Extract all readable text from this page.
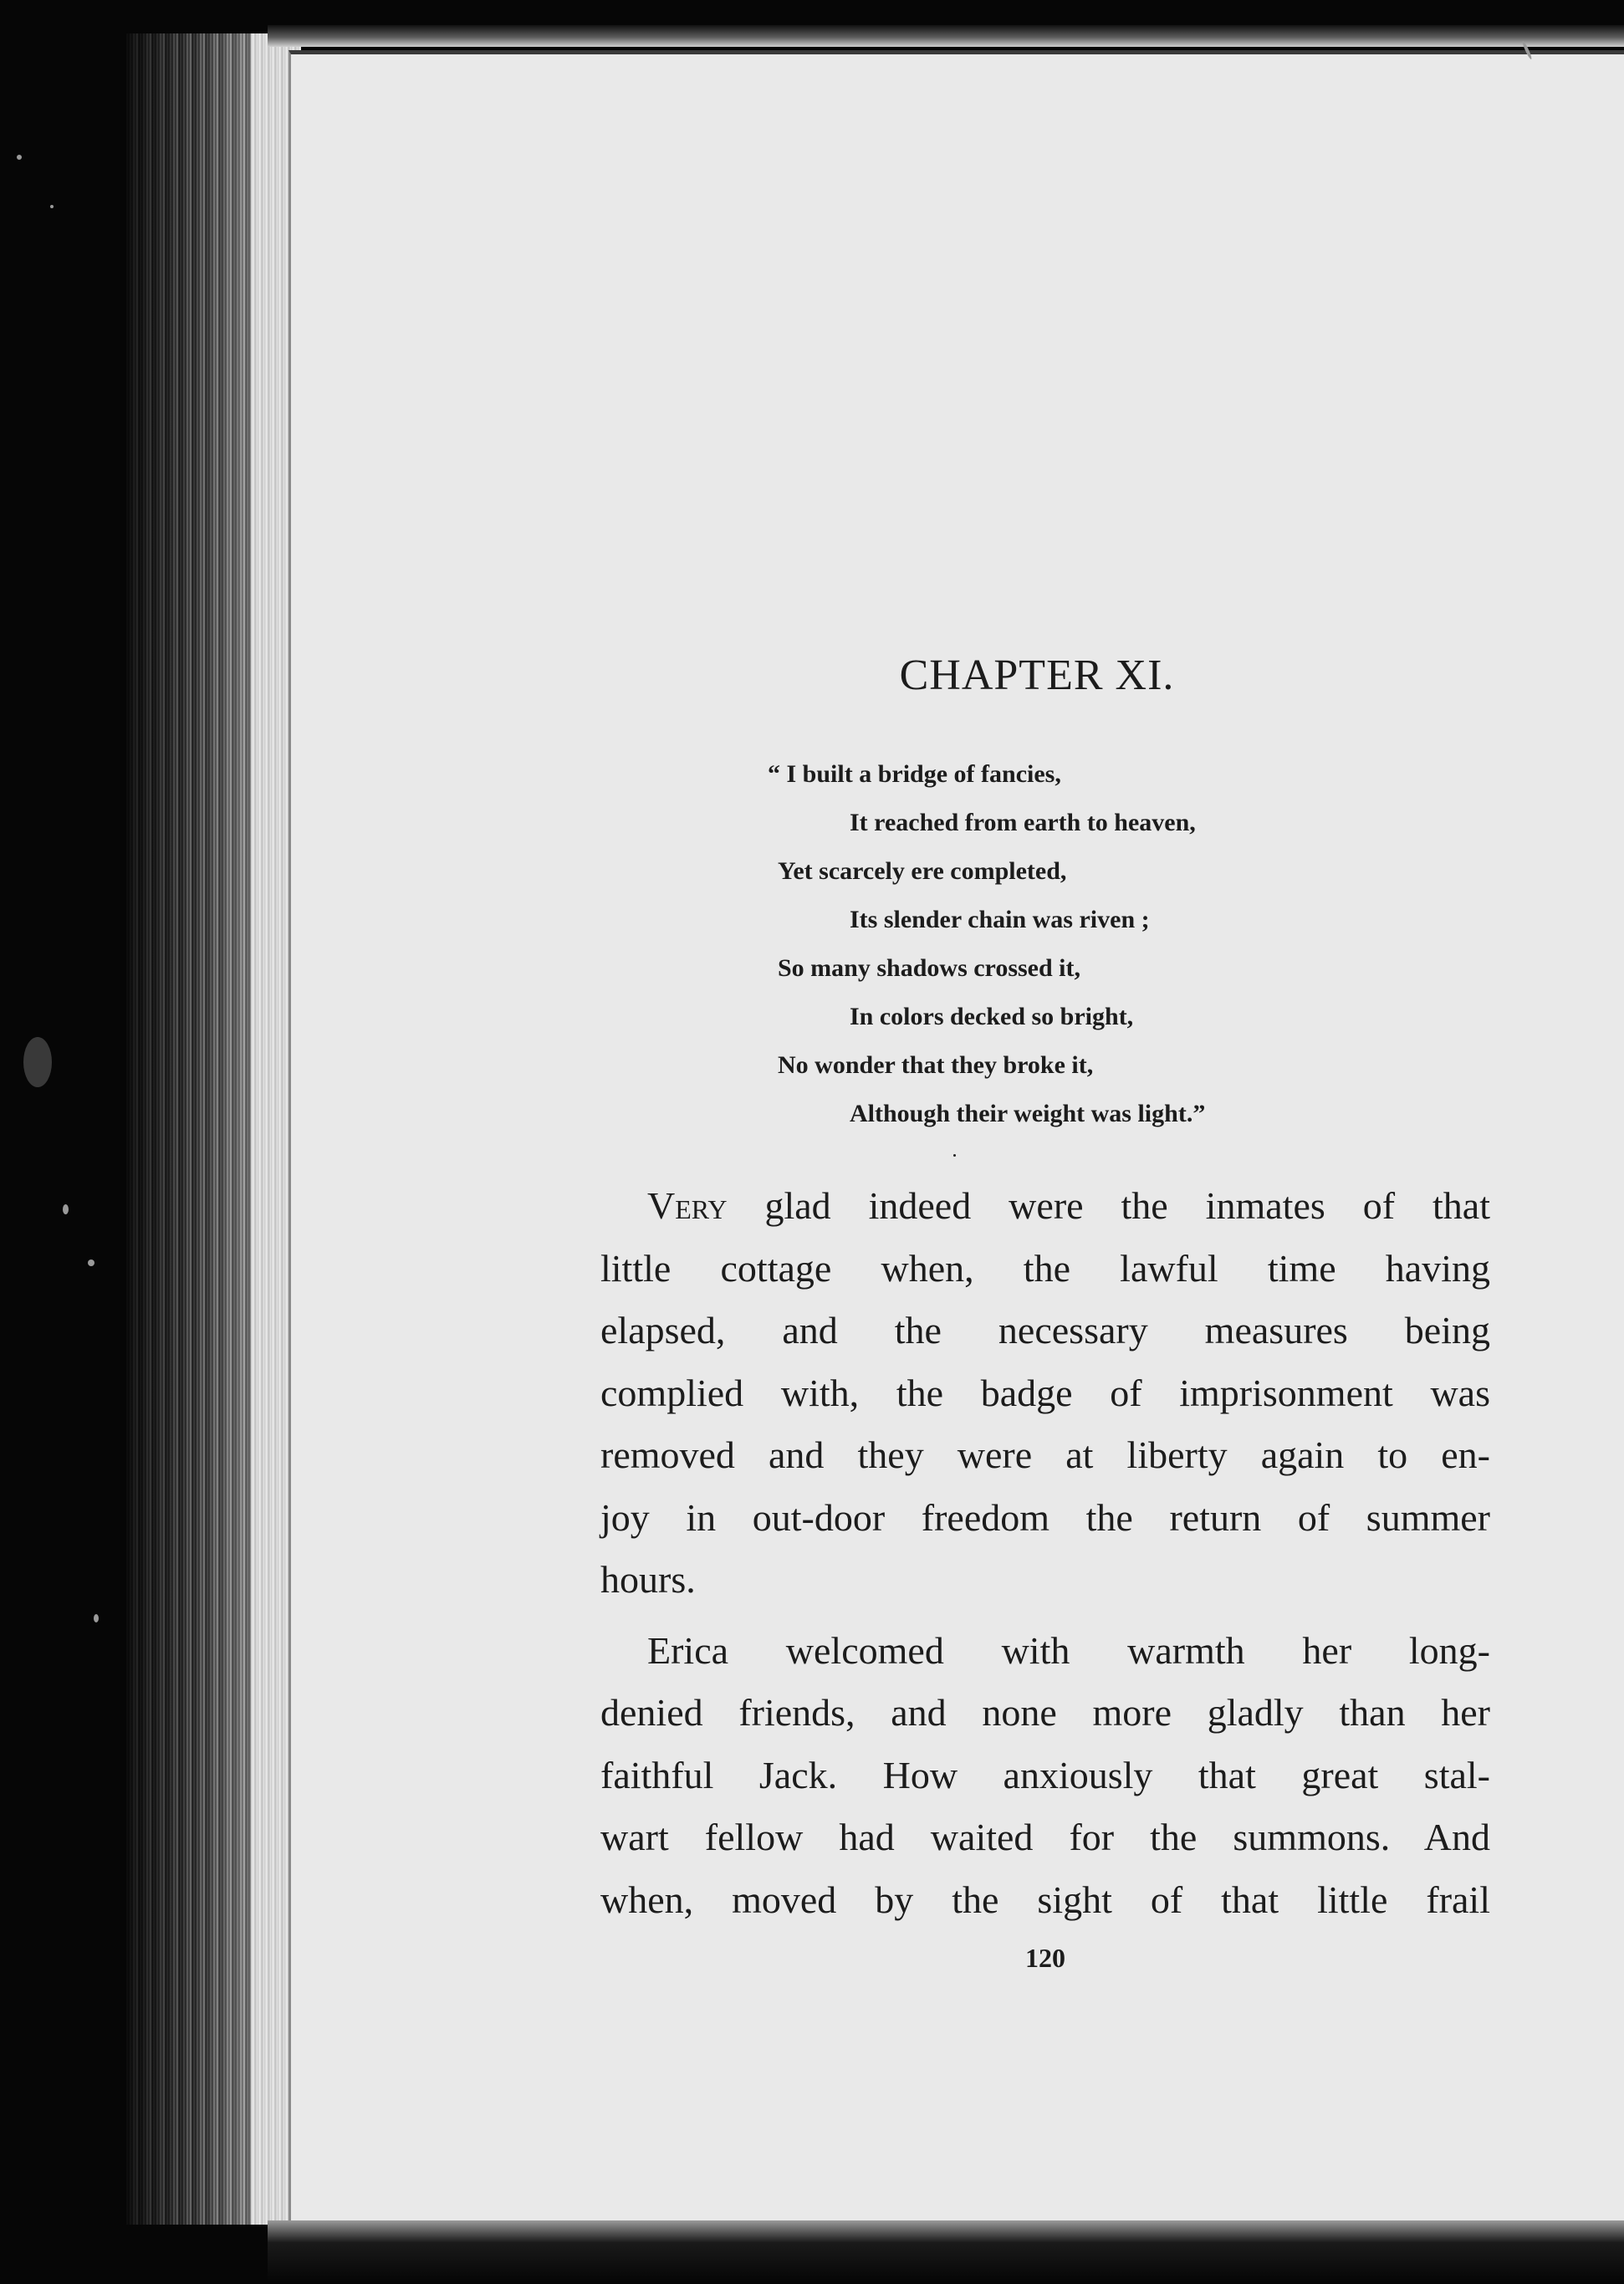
CHAPTER XI.
“ I built a bridge of fancies,
It reached from earth to heaven,
Yet scarcely ere completed,
Its slender chain was riven ;
So many shadows crossed it,
In colors decked so bright,
No wonder that they broke it,
Although their weight was light.”
Very glad indeed were the inmates of that
little cottage when, the lawful time having
elapsed, and the necessary measures being
complied with, the badge of imprisonment was
removed and they were at liberty again to en-
joy in out-door freedom the return of summer
hours.
Erica welcomed with warmth her long-
denied friends, and none more gladly than her
faithful Jack. How anxiously that great stal-
wart fellow had waited for the summons. And
when, moved by the sight of that little frail
120
